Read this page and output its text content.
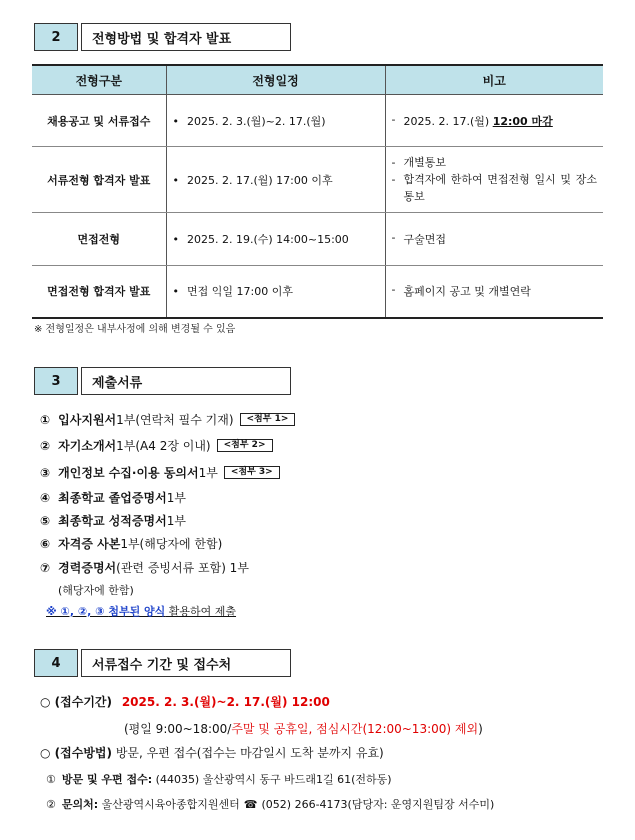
2	전형방법 및 합격자 발표
전형구분	전형일정	비고
채용공고 및 서류접수	• 2025. 2. 3.(월)~2. 17.(월)	- 2025. 2. 17.(월) 12:00 마감

서류전형 합격자 발표	• 2025. 2. 17.(월) 17:00 이후	- 개별통보
- 합격자에 한하여 면접전형 일시 및 장소 통보

면접전형	• 2025. 2. 19.(수) 14:00~15:00	- 구술면접

면접전형 합격자 발표	• 면접 익일 17:00 이후	- 홈페이지 공고 및 개별연락
※ 전형일정은 내부사정에 의해 변경될 수 있음
3	제출서류
① 입사지원서 1부(연락처 필수 기재)	<첨부 1>
② 자기소개서 1부(A4 2장 이내)	<첨부 2>
③ 개인정보 수집·이용 동의서 1부	<첨부 3>
④ 최종학교 졸업증명서 1부
⑤ 최종학교 성적증명서 1부
⑥ 자격증 사본 1부(해당자에 한함)
⑦ 경력증명서 (관련 증빙서류 포함) 1부
(해당자에 한함)
※ ①, ②, ③ 첨부된 양식 활용하여 제출
4	서류접수 기간 및 접수처
○ (접수기간) 2025. 2. 3.(월)~2. 17.(월) 12:00
(평일 9:00~18:00/주말 및 공휴일, 점심시간(12:00~13:00) 제외)
○ (접수방법) 방문, 우편 접수(접수는 마감일시 도착 분까지 유효)
① 방문 및 우편 접수: (44035) 울산광역시 동구 바드래1길 61(전하동)
② 문의처: 울산광역시육아종합지원센터 ☎ (052) 266-4173(담당자: 운영지원팀장 서수미)
